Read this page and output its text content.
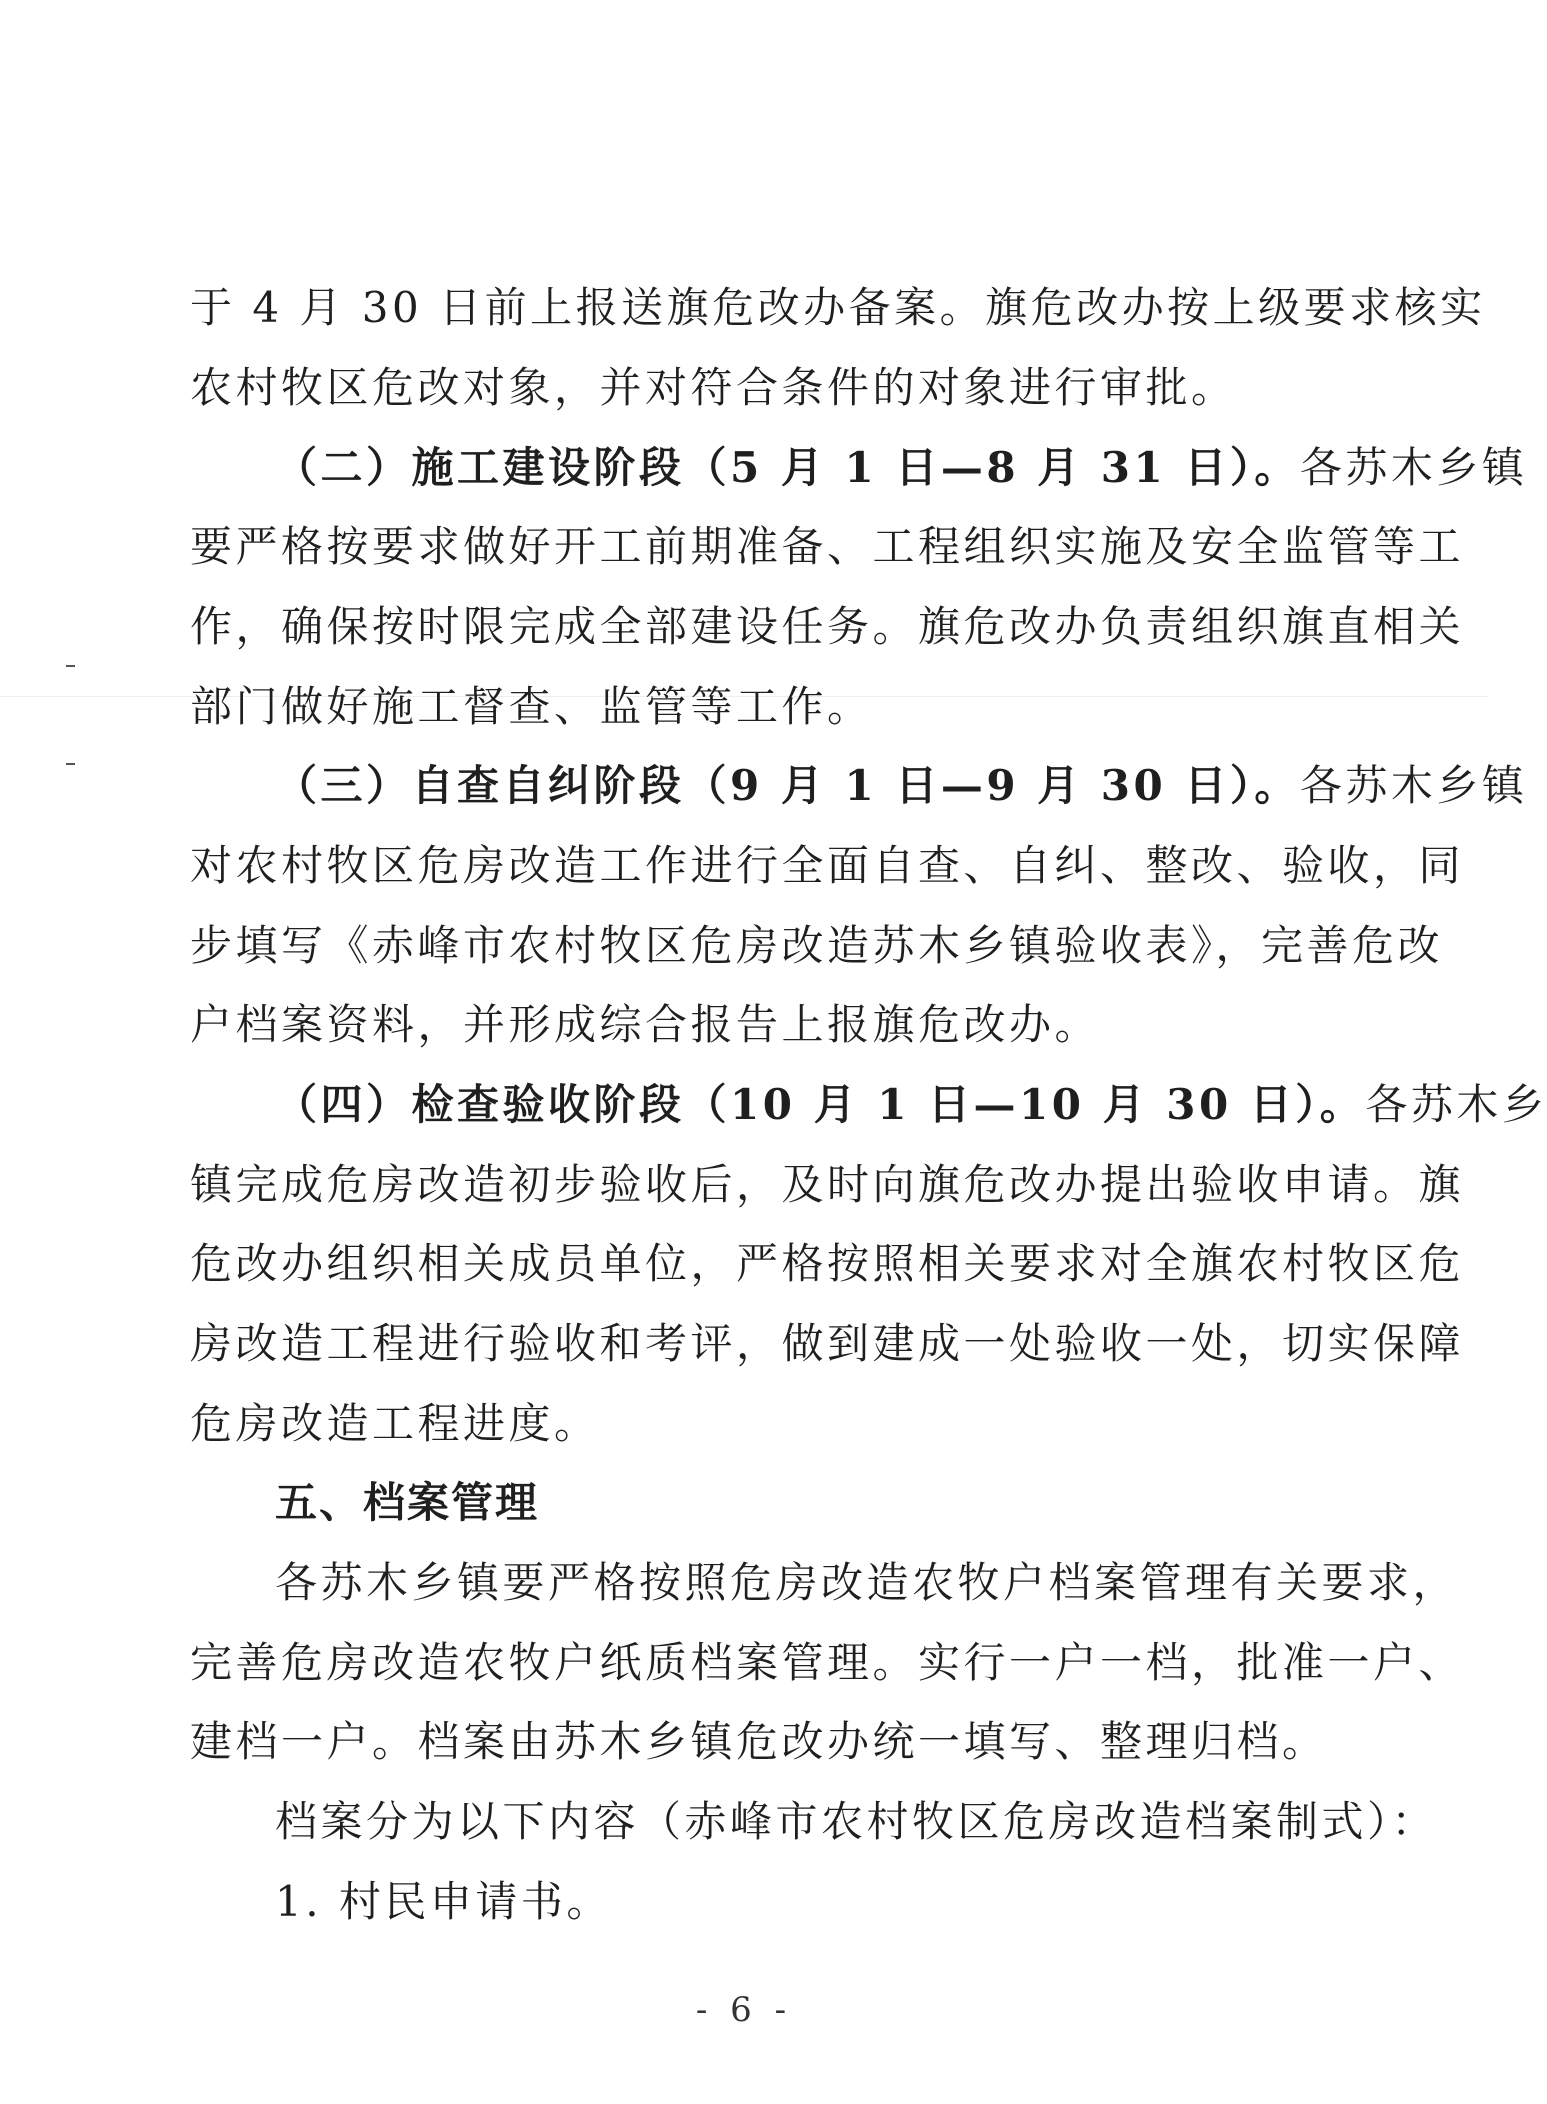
于 4 月 30 日前上报送旗危改办备案。旗危改办按上级要求核实
农村牧区危改对象，并对符合条件的对象进行审批。
（二）施工建设阶段（5 月 1 日—8 月 31 日）。各苏木乡镇
要严格按要求做好开工前期准备、工程组织实施及安全监管等工
作，确保按时限完成全部建设任务。旗危改办负责组织旗直相关
部门做好施工督查、监管等工作。
（三）自查自纠阶段（9 月 1 日—9 月 30 日）。各苏木乡镇
对农村牧区危房改造工作进行全面自查、自纠、整改、验收，同
步填写《赤峰市农村牧区危房改造苏木乡镇验收表》，完善危改
户档案资料，并形成综合报告上报旗危改办。
（四）检查验收阶段（10 月 1 日—10 月 30 日）。各苏木乡
镇完成危房改造初步验收后，及时向旗危改办提出验收申请。旗
危改办组织相关成员单位，严格按照相关要求对全旗农村牧区危
房改造工程进行验收和考评，做到建成一处验收一处，切实保障
危房改造工程进度。
五、档案管理
各苏木乡镇要严格按照危房改造农牧户档案管理有关要求，
完善危房改造农牧户纸质档案管理。实行一户一档，批准一户、
建档一户。档案由苏木乡镇危改办统一填写、整理归档。
档案分为以下内容（赤峰市农村牧区危房改造档案制式）：
1. 村民申请书。
- 6 -
